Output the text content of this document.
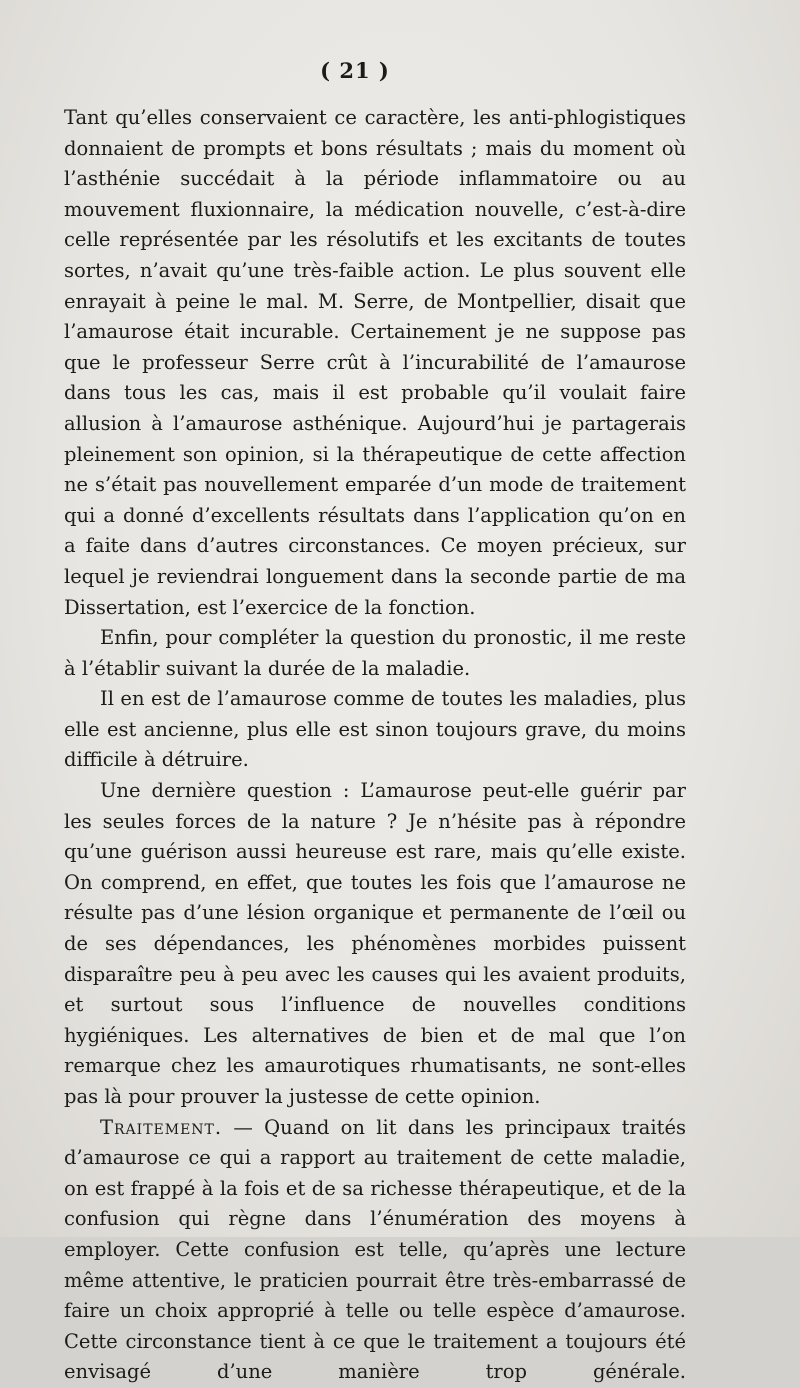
( 21 )

Tant qu’elles conservaient ce caractère, les anti-phlogistiques donnaient de prompts et bons résultats ; mais du moment où l’asthénie succédait à la période inflammatoire ou au mouvement fluxionnaire, la médication nouvelle, c’est-à-dire celle représentée par les résolutifs et les excitants de toutes sortes, n’avait qu’une très-faible action. Le plus souvent elle enrayait à peine le mal. M. Serre, de Montpellier, disait que l’amaurose était incurable. Certainement je ne suppose pas que le professeur Serre crût à l’incurabilité de l’amaurose dans tous les cas, mais il est probable qu’il voulait faire allusion à l’amaurose asthénique. Aujourd’hui je partagerais pleinement son opinion, si la thérapeutique de cette affection ne s’était pas nouvellement emparée d’un mode de traitement qui a donné d’excellents résultats dans l’application qu’on en a faite dans d’autres circonstances. Ce moyen précieux, sur lequel je reviendrai longuement dans la seconde partie de ma Dissertation, est l’exercice de la fonction.

Enfin, pour compléter la question du pronostic, il me reste à l’établir suivant la durée de la maladie.

Il en est de l’amaurose comme de toutes les maladies, plus elle est ancienne, plus elle est sinon toujours grave, du moins difficile à détruire.

Une dernière question : L’amaurose peut-elle guérir par les seules forces de la nature ? Je n’hésite pas à répondre qu’une guérison aussi heureuse est rare, mais qu’elle existe. On comprend, en effet, que toutes les fois que l’amaurose ne résulte pas d’une lésion organique et permanente de l’œil ou de ses dépendances, les phénomènes morbides puissent disparaître peu à peu avec les causes qui les avaient produits, et surtout sous l’influence de nouvelles conditions hygiéniques. Les alternatives de bien et de mal que l’on remarque chez les amaurotiques rhumatisants, ne sont-elles pas là pour prouver la justesse de cette opinion.

Traitement. — Quand on lit dans les principaux traités d’amaurose ce qui a rapport au traitement de cette maladie, on est frappé à la fois et de sa richesse thérapeutique, et de la confusion qui règne dans l’énumération des moyens à employer. Cette confusion est telle, qu’après une lecture même attentive, le praticien pourrait être très-embarrassé de faire un choix approprié à telle ou telle espèce d’amaurose. Cette circonstance tient à ce que le traitement a toujours été envisagé d’une manière trop générale.
